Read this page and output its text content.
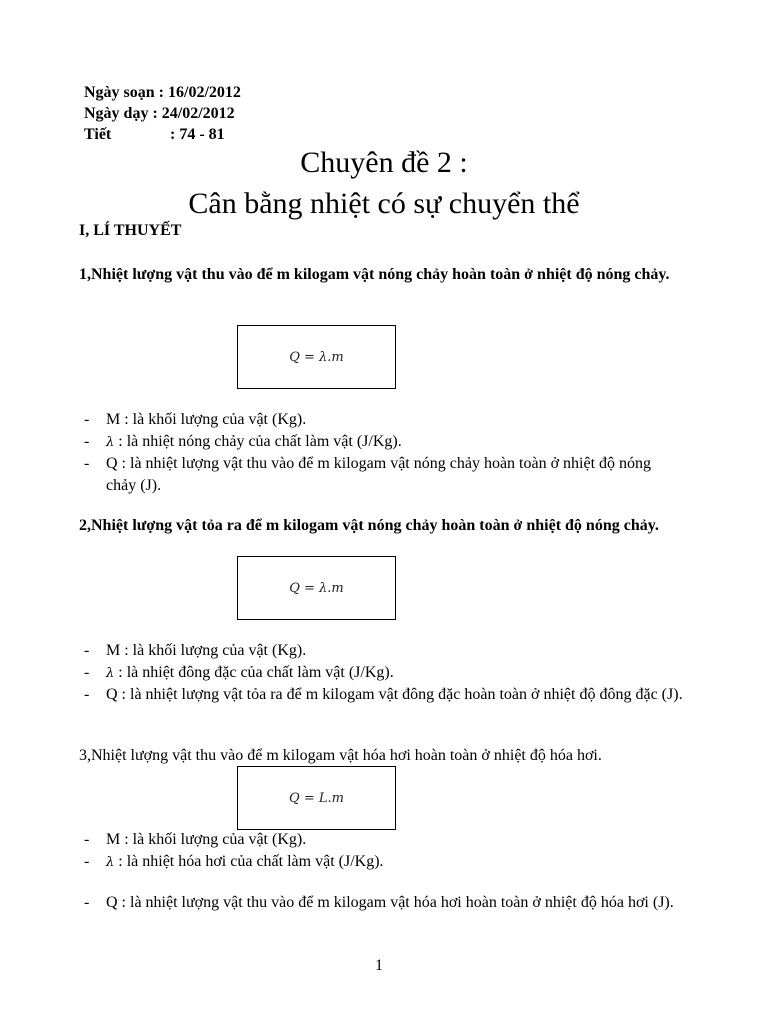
Ngày soạn : 16/02/2012
Ngày dạy : 24/02/2012
Tiết	: 74 - 81
Chuyên đề 2 :
Cân bằng nhiệt có sự chuyển thể
I, LÍ THUYẾT
1,Nhiệt lượng vật thu vào để m kilogam vật nóng chảy hoàn toàn ở nhiệt độ nóng chảy.
Q = λ.m
- M : là khối lượng của vật (Kg).
- λ : là nhiệt nóng chảy của chất làm vật (J/Kg).
- Q : là nhiệt lượng vật thu vào để m kilogam vật nóng chảy hoàn toàn ở nhiệt độ nóng chảy (J).
2,Nhiệt lượng vật tỏa ra để m kilogam vật nóng chảy hoàn toàn ở nhiệt độ nóng chảy.
Q = λ.m
- M : là khối lượng của vật (Kg).
- λ : là nhiệt đông đặc của chất làm vật (J/Kg).
- Q : là nhiệt lượng vật tỏa ra để m kilogam vật đông đặc hoàn toàn ở nhiệt độ đông đặc (J).
3,Nhiệt lượng vật thu vào để m kilogam vật hóa hơi hoàn toàn ở nhiệt độ hóa hơi.
Q = L.m
- M : là khối lượng của vật (Kg).
- λ : là nhiệt hóa hơi của chất làm vật (J/Kg).
- Q : là nhiệt lượng vật thu vào để m kilogam vật hóa hơi hoàn toàn ở nhiệt độ hóa hơi (J).
1
